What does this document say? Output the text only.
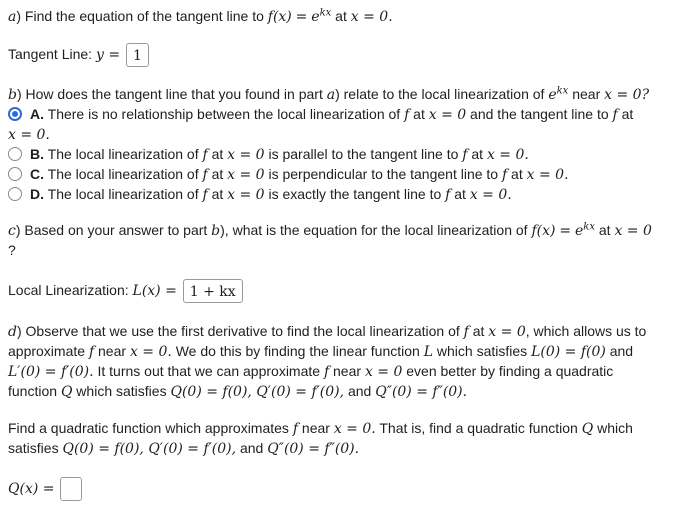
a) Find the equation of the tangent line to $f(x) = e^{kx}$ at x = 0.
Tangent Line: y = 1
b) How does the tangent line that you found in part a) relate to the local linearization of $e^{kx}$ near x = 0?
A. There is no relationship between the local linearization of f at x = 0 and the tangent line to f at
x = 0.
B. The local linearization of f at x = 0 is parallel to the tangent line to f at x = 0.
C. The local linearization of f at x = 0 is perpendicular to the tangent line to f at x = 0.
D. The local linearization of f at x = 0 is exactly the tangent line to f at x = 0.
c) Based on your answer to part b), what is the equation for the local linearization of $f(x) = e^{kx}$ at x = 0
?
Local Linearization: L(x) = 1 + kx
d) Observe that we use the first derivative to find the local linearization of f at x = 0, which allows us to
approximate f near x = 0. We do this by finding the linear function L which satisfies L(0) = f(0) and
L′(0) = f′(0). It turns out that we can approximate f near x = 0 even better by finding a quadratic
function Q which satisfies Q(0) = f(0), Q′(0) = f′(0), and Q″(0) = f″(0).
Find a quadratic function which approximates f near x = 0. That is, find a quadratic function Q which
satisfies Q(0) = f(0), Q′(0) = f′(0), and Q″(0) = f″(0).
Q(x) =
